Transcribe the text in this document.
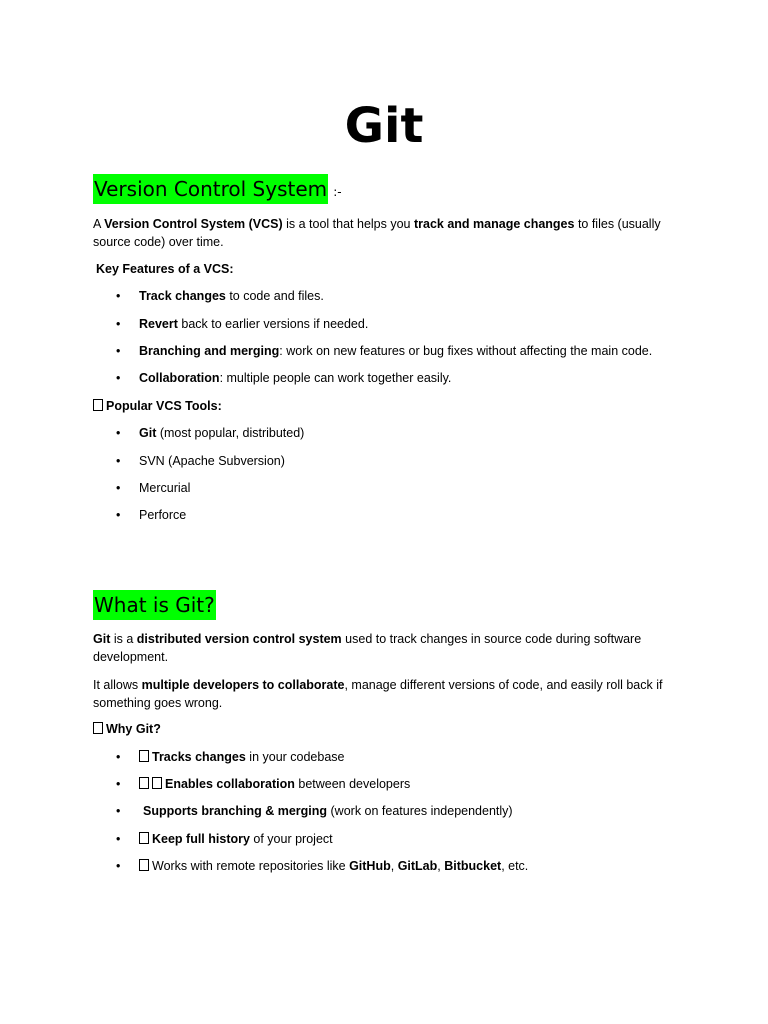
Git
Version Control System :-
A Version Control System (VCS) is a tool that helps you track and manage changes to files (usually
source code) over time.
Key Features of a VCS:
• Track changes to code and files.
• Revert back to earlier versions if needed.
• Branching and merging: work on new features or bug fixes without affecting the main code.
• Collaboration: multiple people can work together easily.
Popular VCS Tools:
• Git (most popular, distributed)
• SVN (Apache Subversion)
• Mercurial
• Perforce
What is Git?
Git is a distributed version control system used to track changes in source code during software
development.
It allows multiple developers to collaborate, manage different versions of code, and easily roll back if
something goes wrong.
Why Git?
•	Tracks changes in your codebase
•	Enables collaboration between developers
• Supports branching & merging (work on features independently)
•	Keep full history of your project
•	Works with remote repositories like GitHub, GitLab, Bitbucket, etc.
